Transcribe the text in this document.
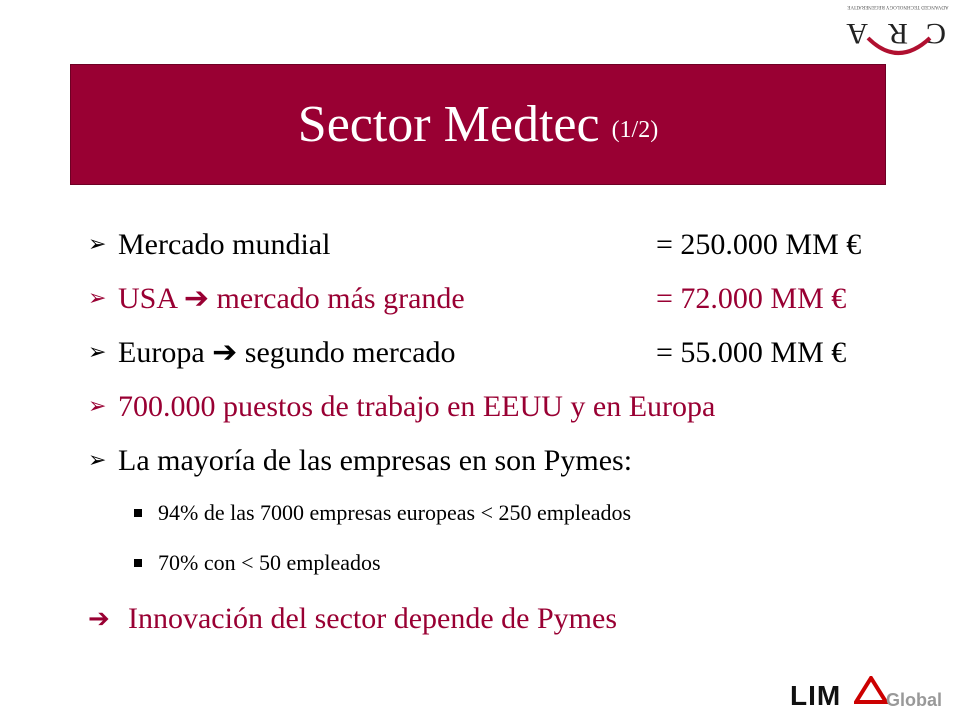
ADVANCED TECHNOLOGY REGENERATIVE
A R C
Sector Medtec (1/2)
➢ Mercado mundial	= 250.000 MM €
➢ USA ➔ mercado más grande	= 72.000 MM €
➢ Europa ➔ segundo mercado	= 55.000 MM €
➢ 700.000 puestos de trabajo en EEUU y en Europa
➢ La mayoría de las empresas en son Pymes:
94% de las 7000 empresas europeas < 250 empleados
70% con < 50 empleados
➔ Innovación del sector depende de Pymes
LIM Global
